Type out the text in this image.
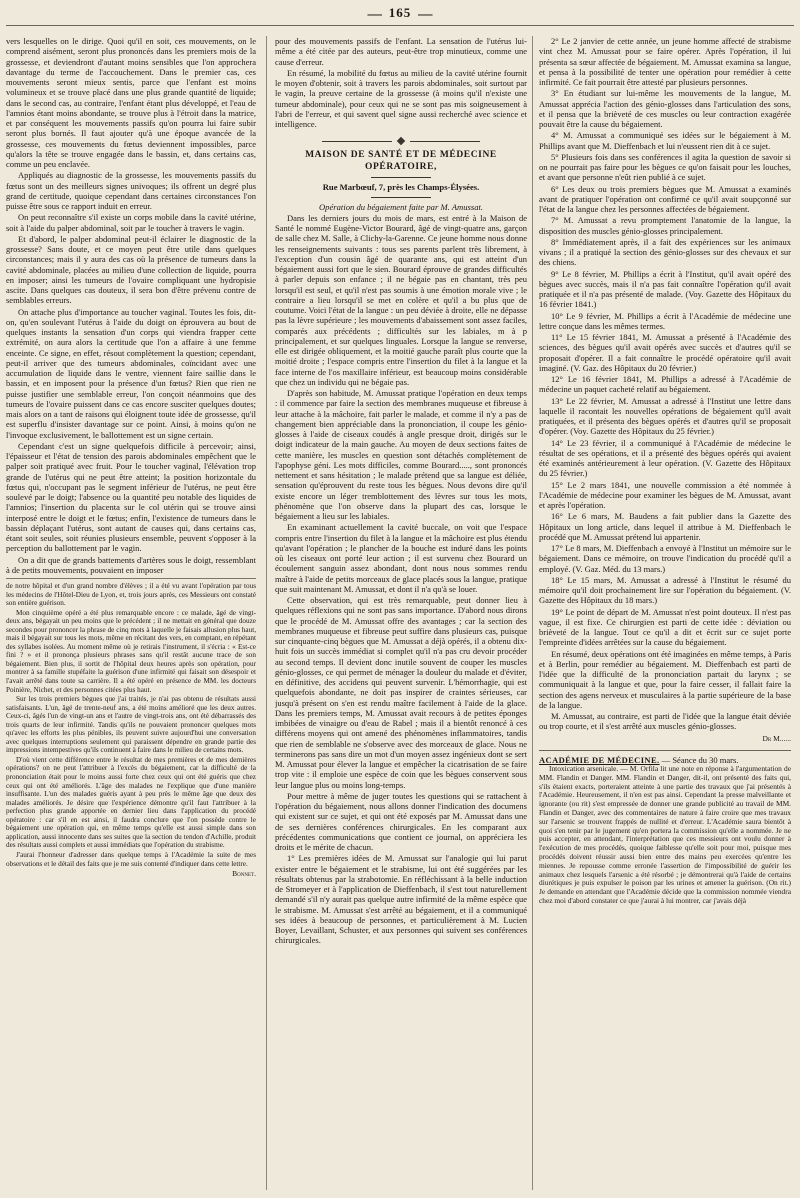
— 165 —

vers lesquelles on le dirige. Quoi qu'il en soit, ces mouvements, on le comprend aisément, seront plus prononcés dans les premiers mois de la grossesse, et deviendront d'autant moins sensibles que l'on approchera davantage du terme de l'accouchement. Dans le premier cas, ces mouvements seront mieux sentis, parce que l'enfant est moins volumineux et se trouve placé dans une plus grande quantité de liquide; dans le second cas, au contraire, l'enfant étant plus développé, et l'eau de l'amnios étant moins abondante, se trouve plus à l'étroit dans la matrice, et par conséquent les mouvements passifs qu'on pourra lui faire subir seront plus bornés. Il faut ajouter qu'à une époque avancée de la grossesse, ces mouvements du fœtus deviennent impossibles, parce qu'alors la tête se trouve engagée dans le bassin, et, dans certains cas, comme un peu enclavée.

Appliqués au diagnostic de la grossesse, les mouvements passifs du fœtus sont un des meilleurs signes univoques; ils offrent un degré plus grand de certitude, quoique cependant dans certaines circonstances l'on puisse être sous ce rapport induit en erreur.

On peut reconnaître s'il existe un corps mobile dans la cavité utérine, soit à l'aide du palper abdominal, soit par le toucher à travers le vagin.

Et d'abord, le palper abdominal peut-il éclairer le diagnostic de la grossesse? Sans doute, et ce moyen peut être utile dans quelques circonstances; mais il y aura des cas où la présence de tumeurs dans la cavité abdominale, placées au milieu d'une collection de liquide, pourra en imposer; ainsi les tumeurs de l'ovaire compliquant une hydropisie ascite. Dans quelques cas douteux, il sera bon d'être prévenu contre de semblables erreurs.

On attache plus d'importance au toucher vaginal. Toutes les fois, dit-on, qu'en soulevant l'utérus à l'aide du doigt on éprouvera au bout de quelques instants la sensation d'un corps qui viendra frapper cette extrémité, on aura alors la certitude que l'on a affaire à une femme enceinte. Ce signe, en effet, résout complètement la question; cependant, peut-il arriver que des tumeurs abdominales, coïncidant avec une accumulation de liquide dans le ventre, viennent faire saillie dans le bassin, et en imposent pour la présence d'un fœtus? Rien que rien ne puisse justifier une semblable erreur, l'on conçoit néanmoins que des tumeurs de l'ovaire puissent dans ce cas encore susciter quelques doutes; mais alors on a tant de raisons qui éloignent toute idée de grossesse, qu'il est superflu d'insister davantage sur ce point. Ainsi, à moins qu'on ne l'invoque exclusivement, le ballottement est un signe certain.

Cependant c'est un signe quelquefois difficile à percevoir; ainsi, l'épaisseur et l'état de tension des parois abdominales empêchent que le palper soit pratiqué avec fruit. Pour le toucher vaginal, l'élévation trop grande de l'utérus qui ne peut être atteint; la position horizontale du fœtus qui, n'occupant pas le segment inférieur de l'utérus, ne peut être soulevé par le doigt; l'absence ou la quantité peu notable des liquides de l'amnios; l'insertion du placenta sur le col utérin qui se trouve ainsi interposé entre le doigt et le fœtus; enfin, l'existence de tumeurs dans le bassin déplaçant l'utérus, sont autant de causes qui, dans certains cas, étant soit seules, soit réunies plusieurs ensemble, peuvent s'opposer à la perception du ballottement par le vagin.

On a dit que de grands battements d'artères sous le doigt, ressemblant à de petits mouvements, pouvaient en imposer

de notre hôpital et d'un grand nombre d'élèves ; il a été vu avant l'opération par tous les médecins de l'Hôtel-Dieu de Lyon, et, trois jours après, ces Messieurs ont constaté son entière guérison.

Mon cinquième opéré a été plus remarquable encore : ce malade, âgé de vingt-deux ans, bégayait un peu moins que le précédent ; il ne mettait en général que douze secondes pour prononcer la phrase de cinq mots à laquelle je faisais allusion plus haut, mais il bégayait sur tous les mots, même en récitant des vers, en comptant, en répétant des syllabes isolées. Au moment même où je retirais l'instrument, il s'écria : « Est-ce fini ? » et il prononça plusieurs phrases sans qu'il restât aucune trace de son bégaiement. Bien plus, il sortit de l'hôpital deux heures après son opération, pour montrer à sa famille stupéfaite la guérison d'une infirmité qui faisait son désespoir et l'avait arrêté dans toute sa carrière. Il a été opéré en présence de MM. les docteurs Poinière, Nichet, et des personnes citées plus haut.

Sur les trois premiers bègues que j'ai traités, je n'ai pas obtenu de résultats aussi satisfaisants. L'un, âgé de trente-neuf ans, a été moins amélioré que les deux autres. Ceux-ci, âgés l'un de vingt-un ans et l'autre de vingt-trois ans, ont été débarrassés des trois quarts de leur infirmité. Tandis qu'ils ne pouvaient prononcer quelques mots qu'avec les efforts les plus pénibles, ils peuvent suivre aujourd'hui une conversation avec quelques interruptions seulement qui paraissent dépendre en grande partie des impressions intempestives qu'ils continuent à faire dans le milieu de certains mots.

D'où vient cette différence entre le résultat de mes premières et de mes dernières opérations? on ne peut l'attribuer à l'excès du bégaiement, car la difficulté de la prononciation était pour le moins aussi forte chez ceux qui ont été guéris que chez ceux qui ont été améliorés. L'âge des malades ne l'explique que d'une manière insuffisante. L'un des malades guéris ayant à peu près le même âge que deux des malades améliorés. Je désire que l'expérience démontre qu'il faut l'attribuer à la perfection plus grande apportée en dernier lieu dans l'application du procédé opératoire : car s'il en est ainsi, il faudra conclure que l'on possède contre le bégaiement une opération qui, en même temps qu'elle est aussi simple dans son application, aussi innocente dans ses suites que la section du tendon d'Achille, produit des résultats aussi complets et aussi immédiats que l'opération du strabisme.

J'aurai l'honneur d'adresser dans quelque temps à l'Académie la suite de mes observations et le détail des faits que je me suis contenté d'indiquer dans cette lettre.

Bonnet.

pour des mouvements passifs de l'enfant. La sensation de l'utérus lui-même a été citée par des auteurs, peut-être trop minutieux, comme une cause d'erreur.

En résumé, la mobilité du fœtus au milieu de la cavité utérine fournit le moyen d'obtenir, soit à travers les parois abdominales, soit surtout par le vagin, la preuve certaine de la grossesse (à moins qu'il n'existe une tumeur abdominale), pour ceux qui ne se sont pas mis soigneusement à l'abri de l'erreur, et qui savent quel signe aussi recherché avec science et intelligence.

MAISON DE SANTÉ ET DE MÉDECINE OPÉRATOIRE,

Rue Marbœuf, 7, près les Champs-Élysées.

Opération du bégaiement faite par M. Amussat.

Dans les derniers jours du mois de mars, est entré à la Maison de Santé le nommé Eugène-Victor Bourard, âgé de vingt-quatre ans, garçon de salle chez M. Salle, à Clichy-la-Garenne. Ce jeune homme nous donne les renseignements suivants : tous ses parents parlent très librement, à l'exception d'un cousin âgé de quarante ans, qui est atteint d'un bégaiement aussi fort que le sien. Bourard éprouve de grandes difficultés à parler depuis son enfance ; il ne bégaie pas en chantant, très peu lorsqu'il est seul, et qu'il n'est pas soumis à une émotion morale vive ; le contraire a lieu lorsqu'il se met en colère et qu'il a bu plus que de coutume. Voici l'état de la langue : un peu déviée à droite, elle ne dépasse pas la lèvre supérieure ; les mouvements d'abaissement sont assez faciles, comparés aux précédents ; difficultés sur les labiales, m à p principalement, et sur quelques linguales. Lorsque la langue se renverse, elle est dirigée obliquement, et la moitié gauche paraît plus courte que la moitié droite ; l'espace compris entre l'insertion du filet à la langue et la face interne de l'os maxillaire inférieur, est beaucoup moins considérable que chez un individu qui ne bégaie pas.

D'après son habitude, M. Amussat pratique l'opération en deux temps : il commence par faire la section des membranes muqueuse et fibreuse à leur attache à la mâchoire, fait parler le malade, et comme il n'y a pas de changement bien appréciable dans la prononciation, il coupe les génio-glosses à l'aide de ciseaux coudés à angle presque droit, dirigés sur le doigt indicateur de la main gauche. Au moyen de deux sections faites de cette manière, les muscles en question sont détachés complètement de l'apophyse géni. Les mots difficiles, comme Bourard....., sont prononcés nettement et sans hésitation ; le malade prétend que sa langue est déliée, sensation qu'éprouvent du reste tous les bègues. Nous devons dire qu'il existe encore un léger tremblottement des lèvres sur tous les mots, phénomène que l'on observe dans la plupart des cas, lorsque le bégaiement a lieu sur les labiales.

En examinant actuellement la cavité buccale, on voit que l'espace compris entre l'insertion du filet à la langue et la mâchoire est plus étendu qu'avant l'opération ; le plancher de la bouche est induré dans les points où les ciseaux ont porté leur action ; il est survenu chez Bourard un écoulement sanguin assez abondant, dont nous nous sommes rendu maître à l'aide de petits morceaux de glace placés sous la langue, pratique que suit maintenant M. Amussat, et dont il n'a qu'à se louer.

Cette observation, qui est très remarquable, peut donner lieu à quelques réflexions qui ne sont pas sans importance. D'abord nous dirons que le procédé de M. Amussat offre des avantages ; car la section des membranes muqueuse et fibreuse peut suffire dans plusieurs cas, puisque sur cinquante-cinq bègues que M. Amussat a déjà opérés, il a obtenu dix-huit fois un succès immédiat si complet qu'il n'a pas cru devoir procéder au second temps. Il devient donc inutile souvent de couper les muscles génio-glosses, ce qui permet de ménager la douleur du malade et d'éviter, en définitive, des accidens qui peuvent survenir. L'hémorrhagie, qui est quelquefois abondante, ne doit pas inspirer de craintes sérieuses, car jusqu'à présent on s'en est rendu maître facilement à l'aide de la glace. Dans les premiers temps, M. Amussat avait recours à de petites éponges imbibées de vinaigre ou d'eau de Rabel ; mais il a bientôt renoncé à ces différens moyens qui ont amené des phénomènes inflammatoires, tandis que rien de semblable ne s'observe avec des morceaux de glace. Nous ne terminerons pas sans dire un mot d'un moyen assez ingénieux dont se sert M. Amussat pour élever la langue et empêcher la cicatrisation de se faire trop vite : il emploie une espèce de coin que les bègues conservent sous leur langue plus ou moins long-temps.

Pour mettre à même de juger toutes les questions qui se rattachent à l'opération du bégaiement, nous allons donner l'indication des documens qui existent sur ce sujet, et qui ont été exposés par M. Amussat dans une de ses dernières conférences chirurgicales. En les comparant aux précédentes communications que contient ce journal, on appréciera les droits et le mérite de chacun.

1° Les premières idées de M. Amussat sur l'analogie qui lui parut exister entre le bégaiement et le strabisme, lui ont été suggérées par les résultats obtenus par la strabotomie. En réfléchissant à la belle induction de Stromeyer et à l'application de Dieffenbach, il s'est tout naturellement demandé s'il n'y aurait pas quelque autre infirmité de la même espèce que le strabisme. M. Amussat s'est arrêté au bégaiement, et il a communiqué ses idées à beaucoup de personnes, et particulièrement à M. Lucien Boyer, Levaillant, Schuster, et aux personnes qui suivent ses conférences chirurgicales.

2° Le 2 janvier de cette année, un jeune homme affecté de strabisme vint chez M. Amussat pour se faire opérer. Après l'opération, il lui présenta sa sœur affectée de bégaiement. M. Amussat examina sa langue, et pensa à la possibilité de tenter une opération pour remédier à cette infirmité. Ce fait pourrait être attesté par plusieurs personnes.

3° En étudiant sur lui-même les mouvements de la langue, M. Amussat apprécia l'action des génio-glosses dans l'articulation des sons, et il pensa que la brièveté de ces muscles ou leur contraction exagérée pouvait être la cause du bégaiement.

4° M. Amussat a communiqué ses idées sur le bégaiement à M. Phillips avant que M. Dieffenbach et lui n'eussent rien dit à ce sujet.

5° Plusieurs fois dans ses conférences il agita la question de savoir si on ne pourrait pas faire pour les bègues ce qu'on faisait pour les louches, et avant que personne n'eût rien publié à ce sujet.

6° Les deux ou trois premiers bègues que M. Amussat a examinés avant de pratiquer l'opération ont confirmé ce qu'il avait soupçonné sur l'état de la langue chez les personnes affectées de bégaiement.

7° M. Amussat a revu promptement l'anatomie de la langue, la disposition des muscles génio-glosses principalement.

8° Immédiatement après, il a fait des expériences sur les animaux vivans ; il a pratiqué la section des génio-glosses sur des chevaux et sur des chiens.

9° Le 8 février, M. Phillips a écrit à l'Institut, qu'il avait opéré des bègues avec succès, mais il n'a pas fait connaître l'opération qu'il avait pratiquée et il n'a pas présenté de malade. (Voy. Gazette des Hôpitaux du 16 février 1841.)

10° Le 9 février, M. Phillips a écrit à l'Académie de médecine une lettre conçue dans les mêmes termes.

11° Le 15 février 1841, M. Amussat a présenté à l'Académie des sciences, des bègues qu'il avait opérés avec succès et d'autres qu'il se proposait d'opérer. Il a fait connaître le procédé opératoire qu'il avait imaginé. (V. Gaz. des Hôpitaux du 20 février.)

12° Le 16 février 1841, M. Phillips a adressé à l'Académie de médecine un paquet cacheté relatif au bégaiement.

13° Le 22 février, M. Amussat a adressé à l'Institut une lettre dans laquelle il racontait les nouvelles opérations de bégaiement qu'il avait pratiquées, et il présenta des bègues opérés et d'autres qu'il se proposait d'opérer. (Voy. Gazette des Hôpitaux du 25 février.)

14° Le 23 février, il a communiqué à l'Académie de médecine le résultat de ses opérations, et il a présenté des bègues opérés qui avaient été examinés antérieurement à leur opération. (V. Gazette des Hôpitaux du 25 février.)

15° Le 2 mars 1841, une nouvelle commission a été nommée à l'Académie de médecine pour examiner les bègues de M. Amussat, avant et après l'opération.

16° Le 6 mars, M. Baudens a fait publier dans la Gazette des Hôpitaux un long article, dans lequel il attribue à M. Dieffenbach le procédé que M. Amussat prétend lui appartenir.

17° Le 8 mars, M. Dieffenbach a envoyé à l'Institut un mémoire sur le bégaiement. Dans ce mémoire, on trouve l'indication du procédé qu'il a employé. (V. Gaz. Méd. du 13 mars.)

18° Le 15 mars, M. Amussat a adressé à l'Institut le résumé du mémoire qu'il doit prochainement lire sur l'opération du bégaiement. (V. Gazette des Hôpitaux du 18 mars.)

19° Le point de départ de M. Amussat n'est point douteux. Il n'est pas vague, il est fixe. Ce chirurgien est parti de cette idée : déviation ou brièveté de la langue. Tout ce qu'il a dit et écrit sur ce sujet porte l'empreinte d'idées arrêtées sur la cause du bégaiement.

En résumé, deux opérations ont été imaginées en même temps, à Paris et à Berlin, pour remédier au bégaiement. M. Dieffenbach est parti de l'idée que la difficulté de la prononciation partait du larynx ; se communiquait à la langue et que, pour la faire cesser, il fallait faire la section des agens nerveux et musculaires à la partie supérieure de la base de la langue.

M. Amussat, au contraire, est parti de l'idée que la langue était déviée ou trop courte, et il s'est arrêté aux muscles génio-glosses.

Dr M......
ACADÉMIE DE MÉDECINE. — Séance du 30 mars.

Intoxication arsenicale. — M. Orfila lit une note en réponse à l'argumentation de MM. Flandin et Danger. MM. Flandin et Danger, dit-il, ont présenté des faits qui, s'ils étaient exacts, porteraient atteinte à une partie des travaux que j'ai présentés à l'Académie. Heureusement, il n'en est pas ainsi. Cependant la presse malveillante et ignorante (ou rit) s'est empressée de donner une grande publicité au travail de MM. Flandin et Danger, avec des commentaires de nature à faire croire que mes travaux sur l'arsenic se trouvent frappés de nullité et d'erreur. L'Académie saura bientôt à quoi s'en tenir par le jugement qu'en portera la commission qu'elle a nommée. Je ne puis accepter, en attendant, l'interprétation que ces messieurs ont voulu donner à l'exécution de mes procédés, quoique faiblesse qu'elle soit pour moi, puisque mes procédés doivent réussir aussi bien entre des mains peu exercées qu'entre les miennes. Je repousse comme erronée l'assertion de l'impossibilité de guérir les animaux chez lesquels l'arsenic a été résorbé ; je démontrerai qu'à l'aide de certains diurétiques je puis expulser le poison par les urines et amener la guérison. (On rit.) Je demande en attendant que l'Académie décide que la commission nommée viendra chez moi d'abord constater ce que j'aurai à lui montrer, car j'avais déjà
